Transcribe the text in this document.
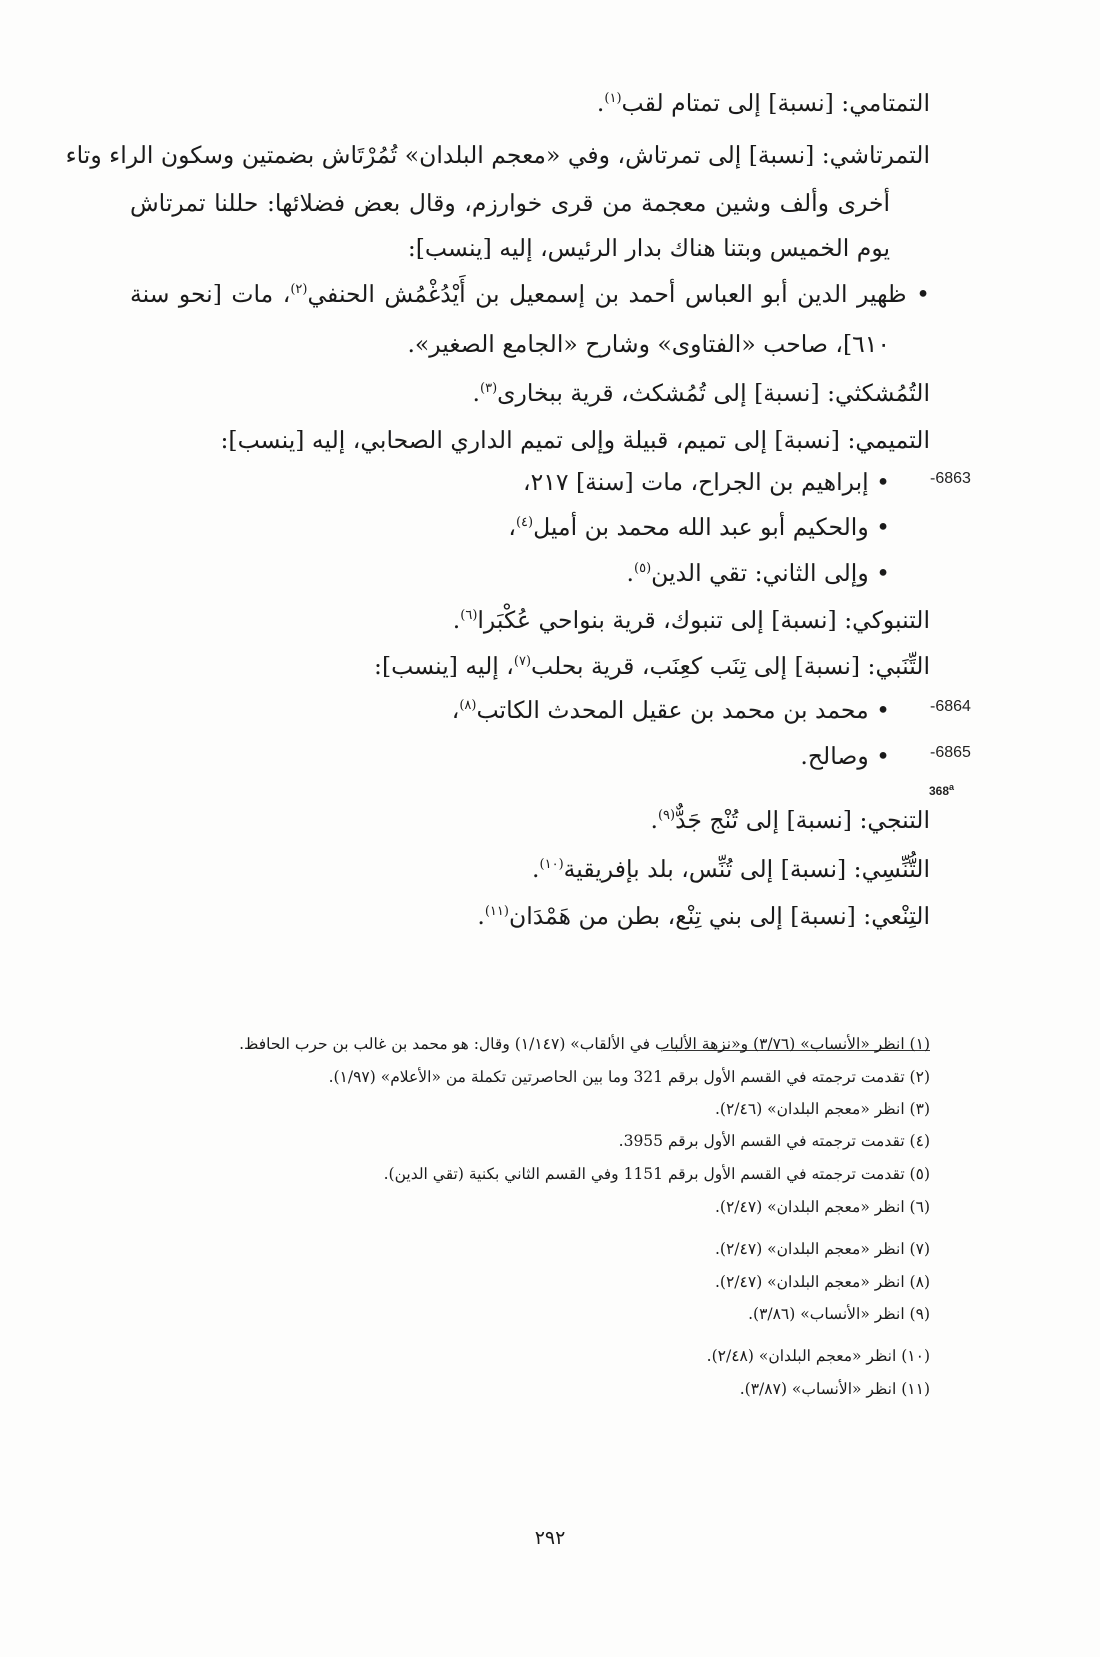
التمتامي: [نسبة] إلى تمتام لقب$^{(١)}$.
التمرتاشي: [نسبة] إلى تمرتاش، وفي «معجم البلدان» تُمُرْتَاش بضمتين وسكون الراء وتاء
أخرى وألف وشين معجمة من قرى خوارزم، وقال بعض فضلائها: حللنا تمرتاش
يوم الخميس وبتنا هناك بدار الرئيس، إليه [ينسب]:
• ظهير الدين أبو العباس أحمد بن إسمعيل بن أَيْدُغْمُش الحنفي$^{(٢)}$، مات [نحو سنة
٦١٠]، صاحب «الفتاوى» وشارح «الجامع الصغير».
التُمُشكثي: [نسبة] إلى تُمُشكث، قرية ببخارى$^{(٣)}$.
التميمي: [نسبة] إلى تميم، قبيلة وإلى تميم الداري الصحابي، إليه [ينسب]:
• إبراهيم بن الجراح، مات [سنة] ٢١٧،	-6863
• والحكيم أبو عبد الله محمد بن أميل$^{(٤)}$،
• وإلى الثاني: تقي الدين$^{(٥)}$.
التنبوكي: [نسبة] إلى تنبوك، قرية بنواحي عُكْبَرا$^{(٦)}$.
التِّنَبي: [نسبة] إلى تِنَب كعِنَب، قرية بحلب$^{(٧)}$، إليه [ينسب]:
• محمد بن محمد بن عقيل المحدث الكاتب$^{(٨)}$،	-6864
• وصالح.	-6865
368$^a$
التنجي: [نسبة] إلى تُنْج جَدٌّ$^{(٩)}$.
التُّنِّسِي: [نسبة] إلى تُنِّس، بلد بإفريقية$^{(١٠)}$.
التِنْعي: [نسبة] إلى بني تِنْع، بطن من هَمْدَان$^{(١١)}$.
(١) انظر «الأنساب» (٣/٧٦) و«نزهة الألباب في الألقاب» (١/١٤٧) وقال: هو محمد بن غالب بن حرب الحافظ.
(٢) تقدمت ترجمته في القسم الأول برقم 321 وما بين الحاصرتين تكملة من «الأعلام» (١/٩٧).
(٣) انظر «معجم البلدان» (٢/٤٦).
(٤) تقدمت ترجمته في القسم الأول برقم 3955.
(٥) تقدمت ترجمته في القسم الأول برقم 1151 وفي القسم الثاني بكنية (تقي الدين).
(٦) انظر «معجم البلدان» (٢/٤٧).
(٧) انظر «معجم البلدان» (٢/٤٧).
(٨) انظر «معجم البلدان» (٢/٤٧).
(٩) انظر «الأنساب» (٣/٨٦).
(١٠) انظر «معجم البلدان» (٢/٤٨).
(١١) انظر «الأنساب» (٣/٨٧).
٢٩٢
